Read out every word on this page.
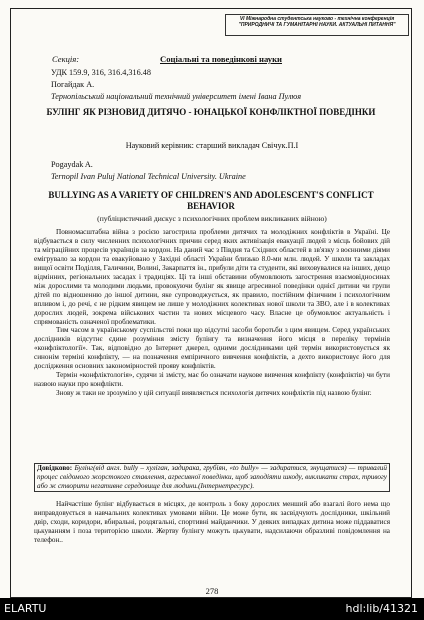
VI Міжнародна студентська науково - технічна конференція
"ПРИРОДНИЧІ ТА ГУМАНІТАРНІ НАУКИ. АКТУАЛЬНІ ПИТАННЯ"
Секція:	Соціальні та поведінкові науки
УДК 159.9, 316, 316.4,316.48
Погайдак А.
Тернопільський національний технічний університет імені Івана Пулюя
БУЛІНГ ЯК РІЗНОВИД ДИТЯЧО - ЮНАЦЬКОЇ КОНФЛІКТНОЇ ПОВЕДІНКИ
Науковий керівник: старший викладач Свічук.П.І
Pogaydak A.
Ternopil Ivan Puluj National Technical University. Ukraine
BULLYING AS A VARIETY OF CHILDREN'S AND ADOLESCENT'S CONFLICT BEHAVIOR
(публіцистичний дискус з психологічних проблем викликаних війною)

Повномасштабна війна з росією загострила проблеми дитячих та молодіжних конфліктів в Україні. Це відбувається в силу численних психологічних причин серед яких активізація евакуації людей з місць бойових дій та міграційних процесів українців за кордон. На даний час з Півдня та Східних областей в зв'язку з воєнними діями емігрувало за кордон та евакуйовано у Західні області України близько 8.0-ми млн. людей. У школи та закладах вищої освіти Поділля, Галичини, Волині, Закарпаття ін., прибули діти та студенти, які виховувалися на інших, дещо відмінних, регіональних засадах і традиціях. Ці та інші обставини обумовлюють загострення взаємовідносинах між дорослими та молодими людьми, провокуючи булінг як явище агресивної поведінки однієї дитини чи групи дітей по відношенню до іншої дитини, яке супроводжується, як правило, постійним фізичним і психологічним впливом і, до речі, є не рідким явищем не лише у молодіжних колективах нової школи та ЗВО, але і в колективах дорослих людей, зокрема військових частин та нових місцевого часу. Власне це обумовлює актуальність і спрямованість означеної проблематики.

Тим часом в українському суспільстві поки що відсутні засоби боротьби з цим явищем. Серед українських дослідників відсутнє єдине розуміння змісту булінгу та визначення його місця в переліку термінів «конфліктології». Так, відповідно до Інтернет джерел, одними дослідниками цей термін використовується як синонім терміні конфлікту, — на позначення емпіричного вивчення конфліктів, а дехто використовує його для дослідження основних закономірностей прояву конфліктів.

Термін «конфліктологія», судячи зі змісту, має бо означати наукове вивчення конфлікту (конфліктів) чи бути назвою науки про конфлікти.

Знову ж таки не зрозуміло у цій ситуації виявляється психологія дитячих конфліктів під назвою булінг.

Довідково: Булінг(від англ. bully – хуліган, задирака, грубіян, «to bully» — задиратися, знущатися) — тривалий процес свідомого жорстокого ставлення, агресивної поведінки, щоб заподіяти шкоду, викликати страх, тривогу або ж створити негативне середовище для людини.(Інтернетресурс).

Найчастіше булінг відбувається в місцях, де контроль з боку дорослих менший або взагалі його нема що виправдовується в навчальних колективах умовами війни. Це може бути, як засвідчують дослідники, шкільний двір, сходи, коридори, вбиральні, роздягальні, спортивні майданчики. У деяких випадках дитина може піддаватися цькуванням і поза територією школи. Жертву булінгу можуть цькувати, надсилаючи образливі повідомлення на телефон..

278
ELARTU	hdl:lib/41321
